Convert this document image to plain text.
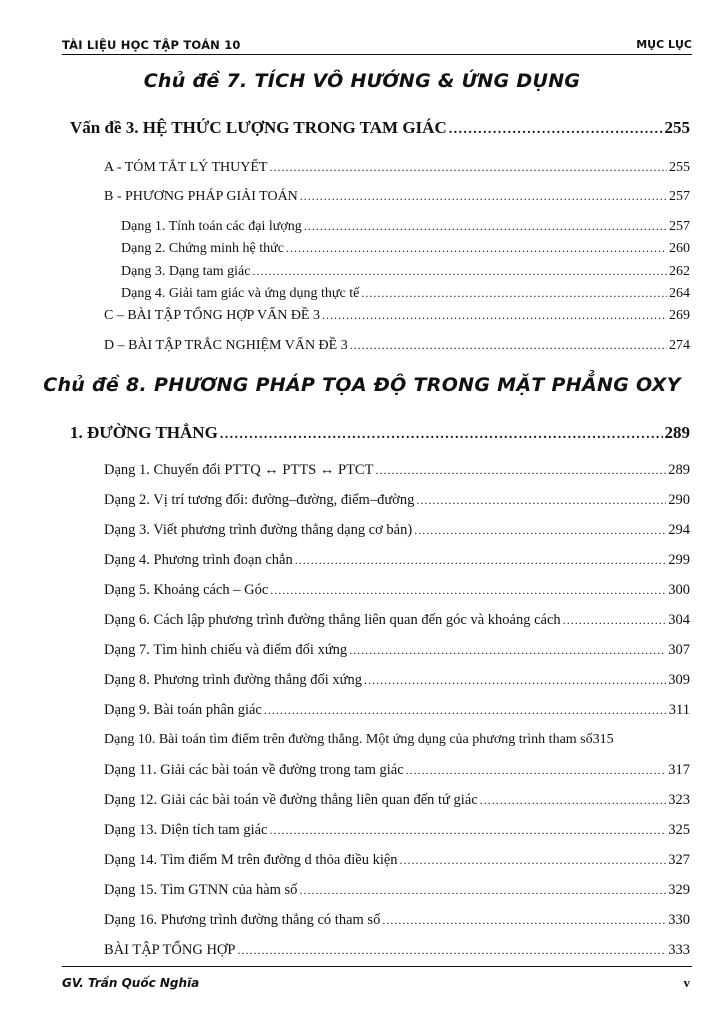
TÀI LIỆU HỌC TẬP TOÁN 10	MỤC LỤC
Chủ đề 7. TÍCH VÔ HƯỚNG & ỨNG DỤNG
Vấn đề 3. HỆ THỨC LƯỢNG TRONG TAM GIÁC .....	255
A - TÓM TẮT LÝ THUYẾT .....	255
B - PHƯƠNG PHÁP GIẢI TOÁN .....	257
Dạng 1. Tính toán các đại lượng .....	257
Dạng 2. Chứng minh hệ thức .....	260
Dạng 3. Dạng tam giác .....	262
Dạng 4. Giải tam giác và ứng dụng thực tế .....	264
C – BÀI TẬP TỔNG HỢP VẤN ĐỀ 3 .....	269
D – BÀI TẬP TRẮC NGHIỆM VẤN ĐỀ 3 .....	274
Chủ đề 8. PHƯƠNG PHÁP TỌA ĐỘ TRONG MẶT PHẲNG OXY
1. ĐƯỜNG THẲNG .....	289
Dạng 1. Chuyển đổi PTTQ ↔ PTTS ↔ PTCT .....	289
Dạng 2. Vị trí tương đối: đường–đường, điểm–đường .....	290
Dạng 3. Viết phương trình đường thẳng dạng cơ bản) .....	294
Dạng 4. Phương trình đoạn chắn .....	299
Dạng 5. Khoảng cách – Góc .....	300
Dạng 6. Cách lập phương trình đường thẳng liên quan đến góc và khoảng cách .....	304
Dạng 7. Tìm hình chiếu và điểm đối xứng .....	307
Dạng 8. Phương trình đường thẳng đối xứng .....	309
Dạng 9. Bài toán phân giác .....	311
Dạng 10. Bài toán tìm điểm trên đường thẳng. Một ứng dụng của phương trình tham số 315
Dạng 11. Giải các bài toán về đường trong tam giác .....	317
Dạng 12. Giải các bài toán về đường thẳng liên quan đến tứ giác .....	323
Dạng 13. Diện tích tam giác .....	325
Dạng 14. Tìm điểm M trên đường d thỏa điều kiện .....	327
Dạng 15. Tìm GTNN của hàm số .....	329
Dạng 16. Phương trình đường thẳng có tham số .....	330
BÀI TẬP TỔNG HỢP .....	333
GV. Trần Quốc Nghĩa	v
